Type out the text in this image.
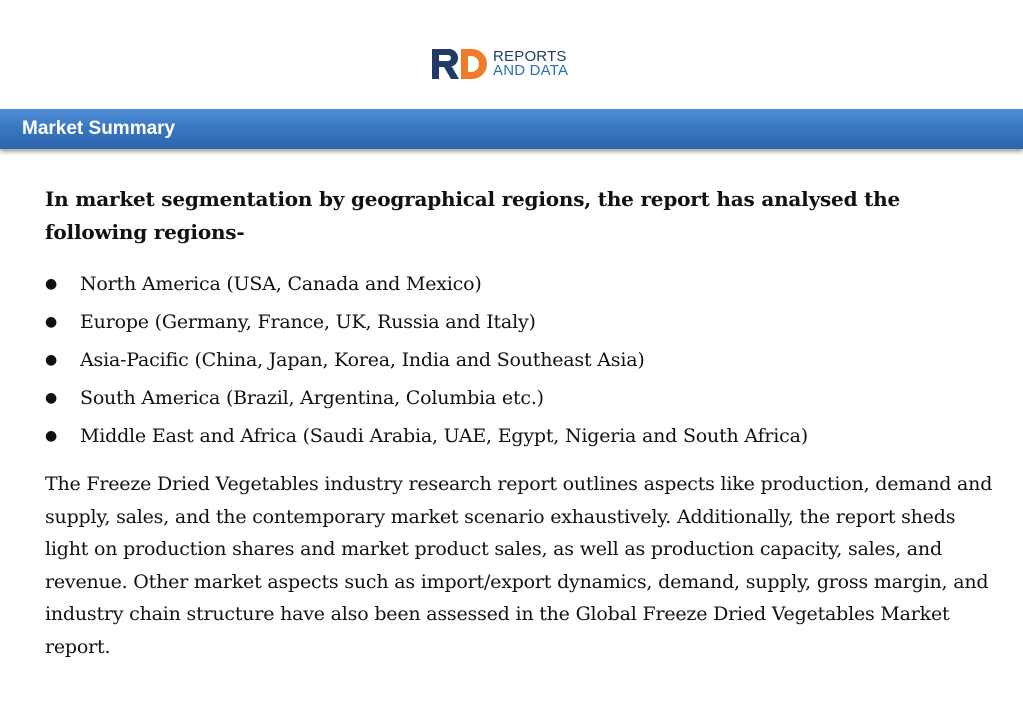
REPORTS
AND DATA
Market Summary

In market segmentation by geographical regions, the report has analysed the following regions-

●	North America (USA, Canada and Mexico)
●	Europe (Germany, France, UK, Russia and Italy)
●	Asia-Pacific (China, Japan, Korea, India and Southeast Asia)
●	South America (Brazil, Argentina, Columbia etc.)
●	Middle East and Africa (Saudi Arabia, UAE, Egypt, Nigeria and South Africa)

The Freeze Dried Vegetables industry research report outlines aspects like production, demand and supply, sales, and the contemporary market scenario exhaustively. Additionally, the report sheds light on production shares and market product sales, as well as production capacity, sales, and revenue. Other market aspects such as import/export dynamics, demand, supply, gross margin, and industry chain structure have also been assessed in the Global Freeze Dried Vegetables Market report.
